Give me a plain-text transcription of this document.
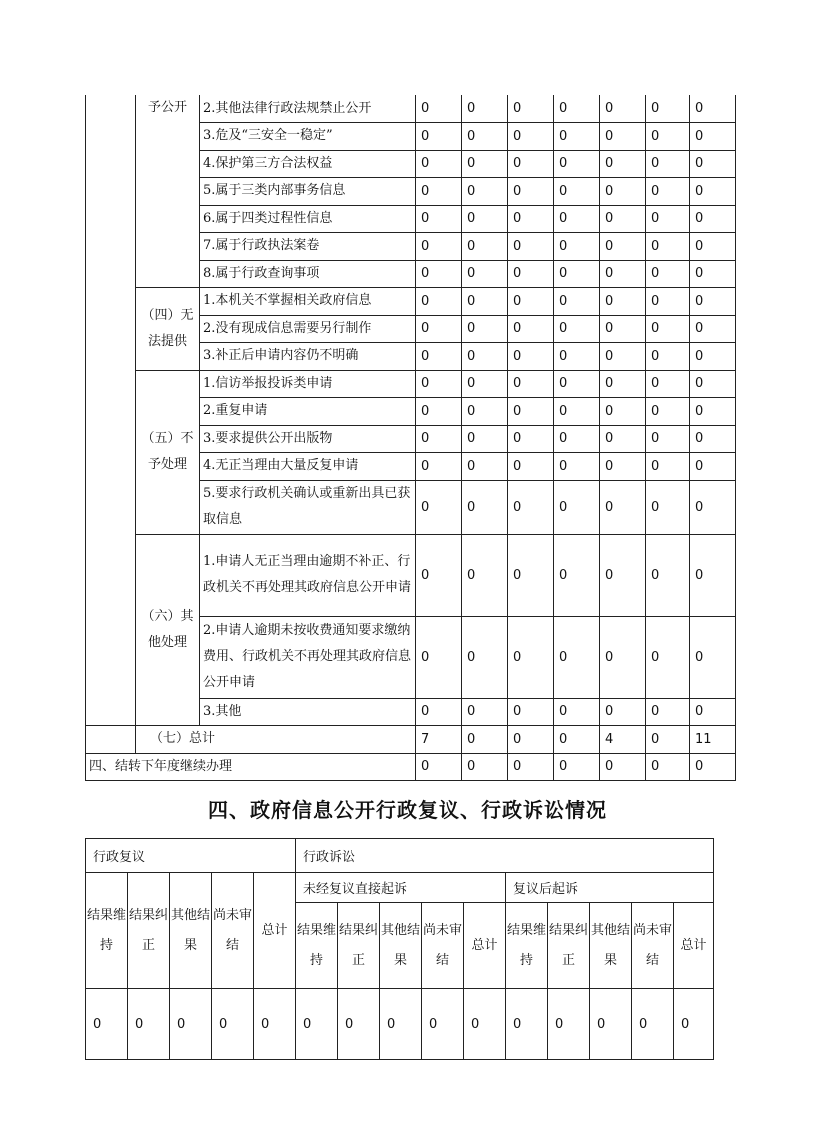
	予公开	2.其他法律行政法规禁止公开	0	0	0	0	0	0	0
		3.危及“三安全一稳定”	0	0	0	0	0	0	0
		4.保护第三方合法权益	0	0	0	0	0	0	0
		5.属于三类内部事务信息	0	0	0	0	0	0	0
		6.属于四类过程性信息	0	0	0	0	0	0	0
		7.属于行政执法案卷	0	0	0	0	0	0	0
		8.属于行政查询事项	0	0	0	0	0	0	0
	（四）无法提供	1.本机关不掌握相关政府信息	0	0	0	0	0	0	0
		2.没有现成信息需要另行制作	0	0	0	0	0	0	0
		3.补正后申请内容仍不明确	0	0	0	0	0	0	0
	（五）不予处理	1.信访举报投诉类申请	0	0	0	0	0	0	0
		2.重复申请	0	0	0	0	0	0	0
		3.要求提供公开出版物	0	0	0	0	0	0	0
		4.无正当理由大量反复申请	0	0	0	0	0	0	0
		5.要求行政机关确认或重新出具已获取信息	0	0	0	0	0	0	0
	（六）其他处理	1.申请人无正当理由逾期不补正、行政机关不再处理其政府信息公开申请	0	0	0	0	0	0	0
		2.申请人逾期未按收费通知要求缴纳费用、行政机关不再处理其政府信息公开申请	0	0	0	0	0	0	0
		3.其他	0	0	0	0	0	0	0
	（七）总计		7	0	0	0	4	0	11
四、结转下年度继续办理			0	0	0	0	0	0	0
四、政府信息公开行政复议、行政诉讼情况
行政复议					行政诉讼									
结果维持	结果纠正	其他结果	尚未审结	总计	未经复议直接起诉					复议后起诉				
					结果维持	结果纠正	其他结果	尚未审结	总计	结果维持	结果纠正	其他结果	尚未审结	总计
0	0	0	0	0	0	0	0	0	0	0	0	0	0	0
